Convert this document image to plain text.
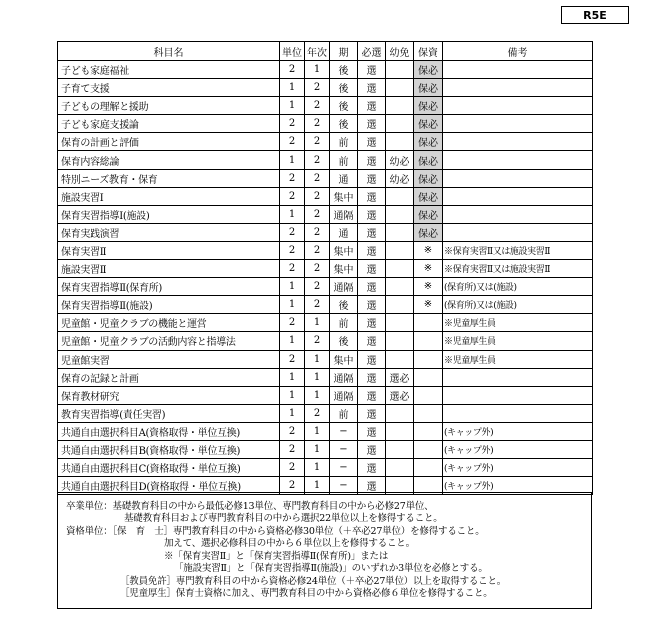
R5E
科目名	単位	年次	期	必選	幼免	保資	備考
子ども家庭福祉	2	1	後	選		保必	
子育て支援	1	2	後	選		保必	
子どもの理解と援助	1	2	後	選		保必	
子ども家庭支援論	2	2	後	選		保必	
保育の計画と評価	2	2	前	選		保必	
保育内容総論	1	2	前	選	幼必	保必	
特別ニーズ教育・保育	2	2	通	選	幼必	保必	
施設実習Ⅰ	2	2	集中	選		保必	
保育実習指導Ⅰ(施設)	1	2	通隔	選		保必	
保育実践演習	2	2	通	選		保必	
保育実習Ⅱ	2	2	集中	選		※	※保育実習Ⅱ又は施設実習Ⅱ
施設実習Ⅱ	2	2	集中	選		※	※保育実習Ⅱ又は施設実習Ⅱ
保育実習指導Ⅱ(保育所)	1	2	通隔	選		※	(保育所)又は(施設)
保育実習指導Ⅱ(施設)	1	2	後	選		※	(保育所)又は(施設)
児童館・児童クラブの機能と運営	2	1	前	選			※児童厚生員
児童館・児童クラブの活動内容と指導法	1	2	後	選			※児童厚生員
児童館実習	2	1	集中	選			※児童厚生員
保育の記録と計画	1	1	通隔	選	選必		
保育教材研究	1	1	通隔	選	選必		
教育実習指導(責任実習)	1	2	前	選			
共通自由選択科目A(資格取得・単位互換)	2	1	−	選			(キャップ外)
共通自由選択科目B(資格取得・単位互換)	2	1	−	選			(キャップ外)
共通自由選択科目C(資格取得・単位互換)	2	1	−	選			(キャップ外)
共通自由選択科目D(資格取得・単位互換)	2	1	−	選			(キャップ外)
卒業単位：基礎教育科目の中から最低必修13単位、専門教育科目の中から必修27単位、
基礎教育科目および専門教育科目の中から選択22単位以上を修得すること。
資格単位：［保　育　士］専門教育科目の中から資格必修30単位（＋卒必27単位）を修得すること。
加えて、選択必修科目の中から６単位以上を修得すること。
※「保育実習Ⅱ」と「保育実習指導Ⅱ(保育所)」または
「施設実習Ⅱ」と「保育実習指導Ⅱ(施設)」のいずれか3単位を必修とする。
［教員免許］専門教育科目の中から資格必修24単位（＋卒必27単位）以上を取得すること。
［児童厚生］保育士資格に加え、専門教育科目の中から資格必修６単位を修得すること。
